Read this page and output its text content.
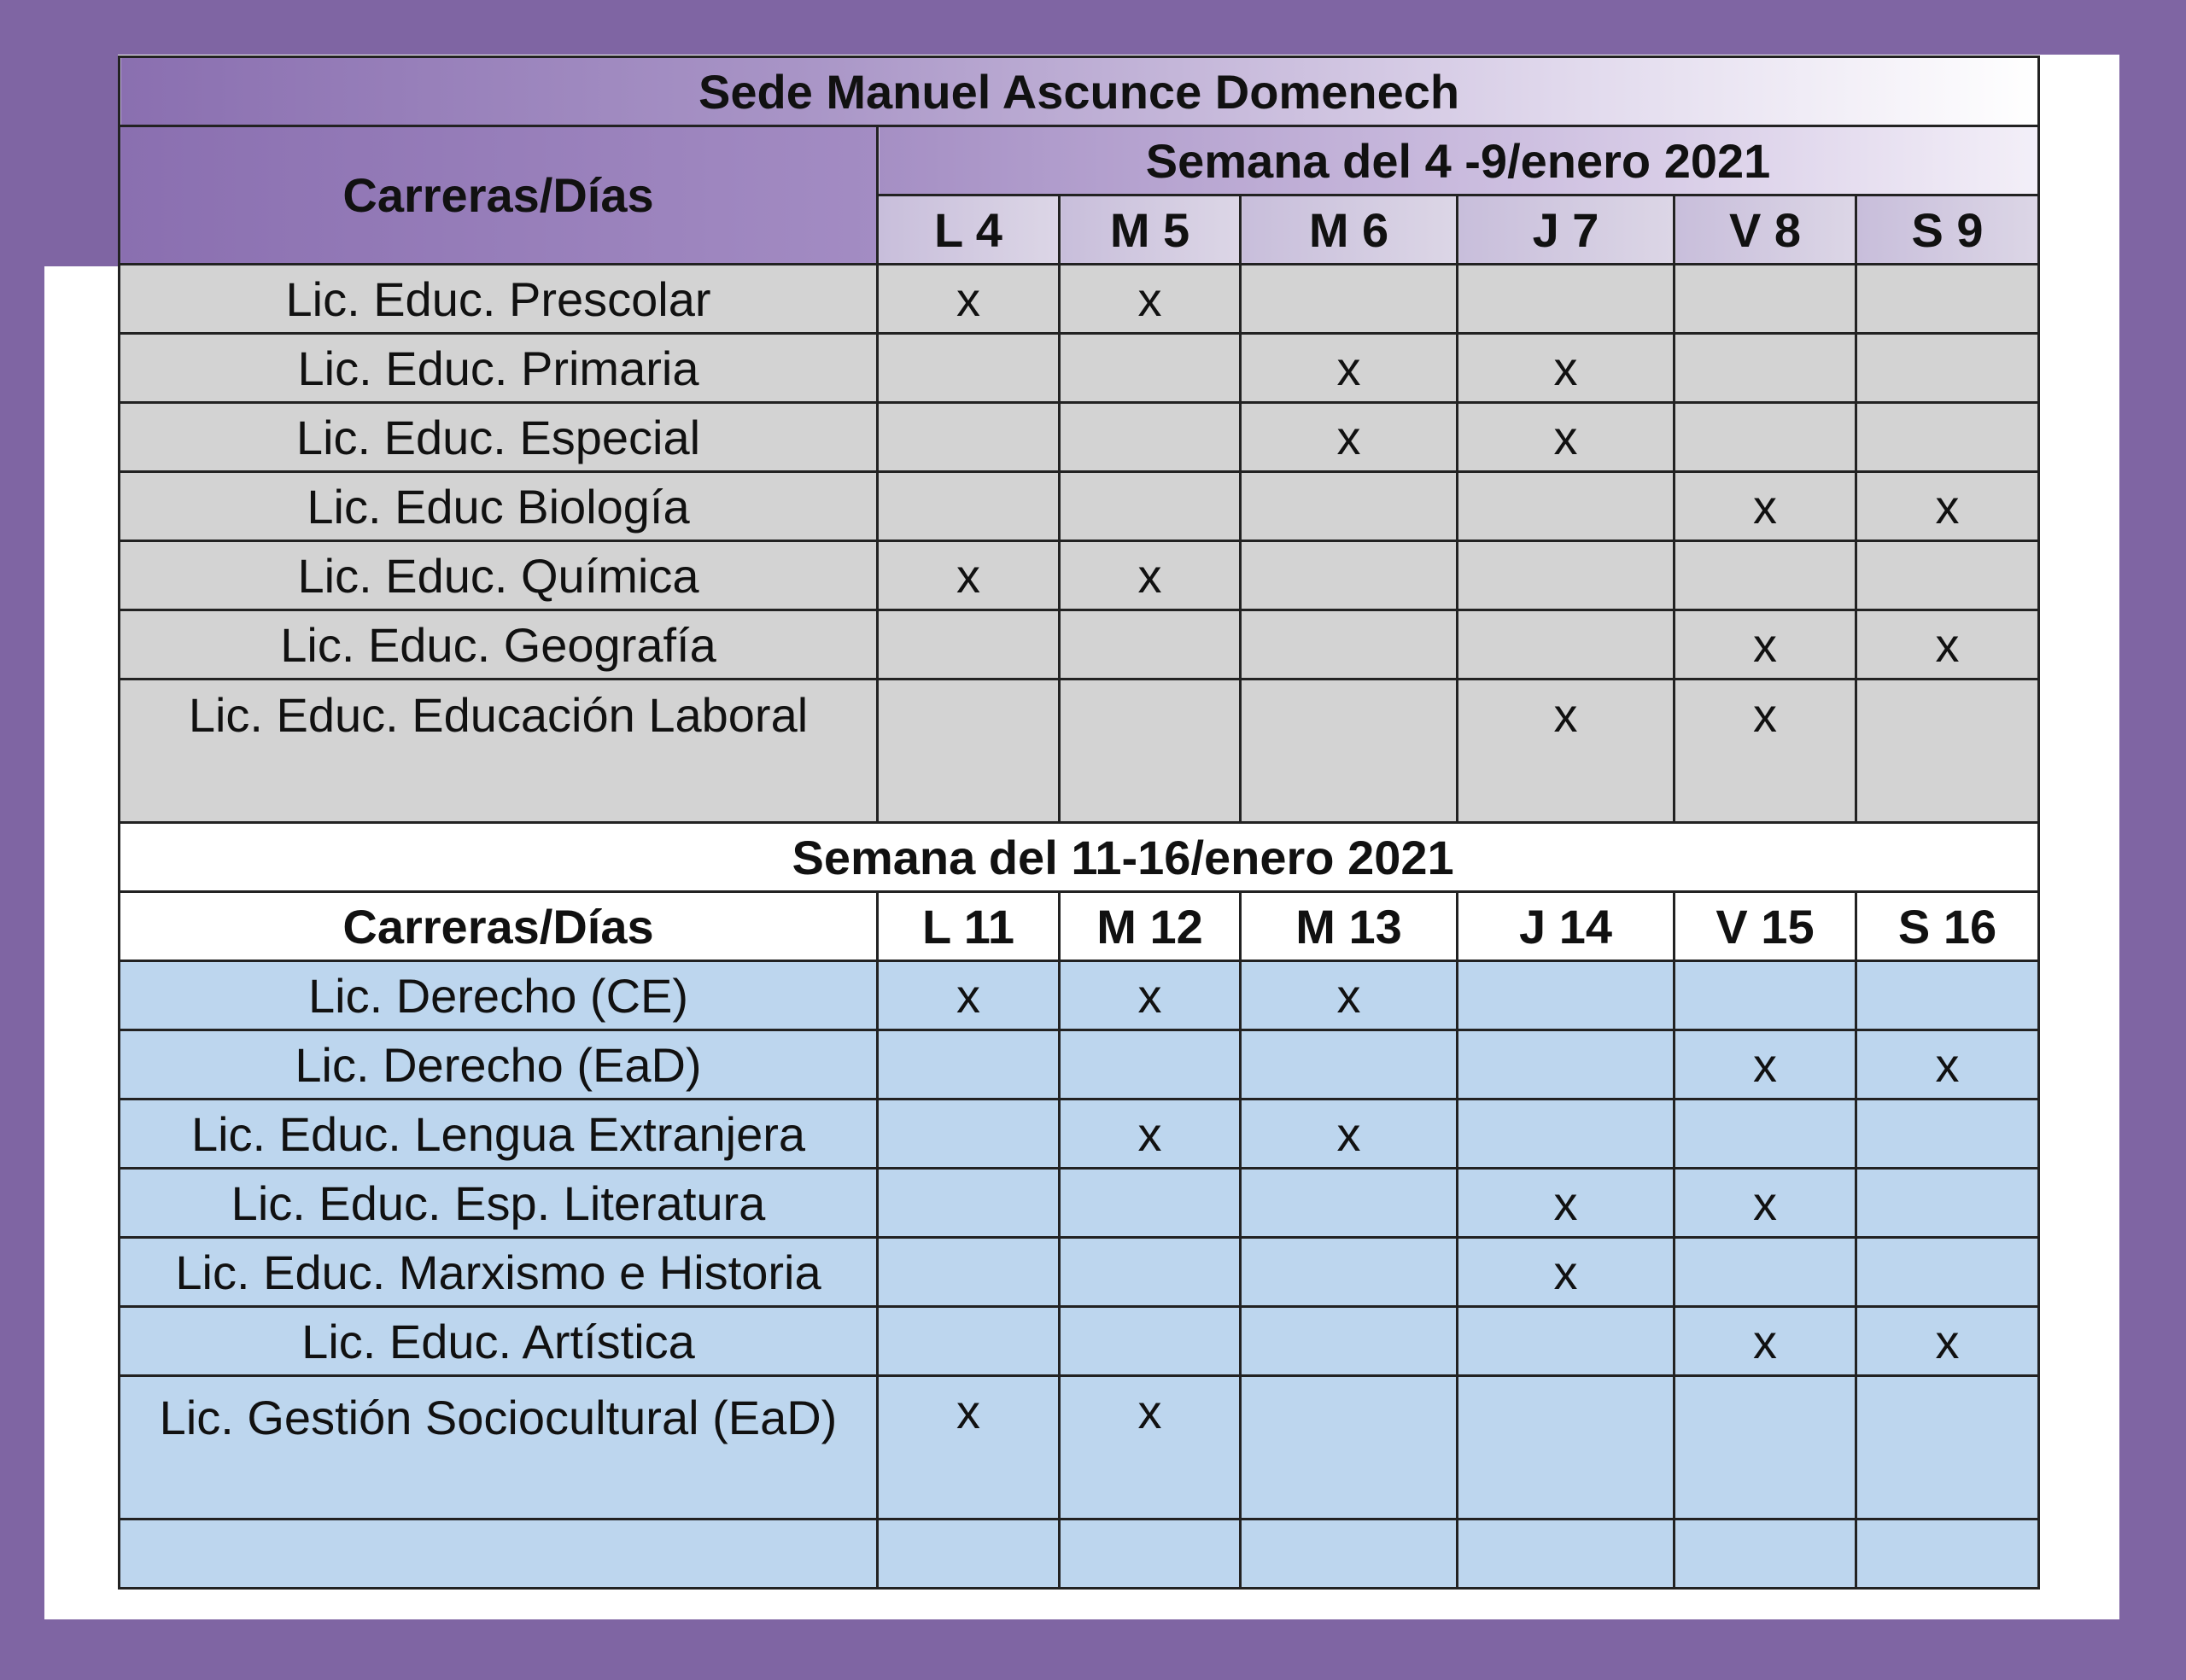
Sede Manuel Ascunce Domenech						
Carreras/Días	Semana del 4 -9/enero 2021					
	L 4	M 5	M 6	J 7	V 8	S 9
Lic. Educ. Prescolar	x	x				
Lic. Educ. Primaria			x	x		
Lic. Educ. Especial			x	x		
Lic. Educ Biología					x	x
Lic. Educ. Química	x	x				
Lic. Educ. Geografía					x	x
Lic. Educ. Educación Laboral				x	x	
	Semana del 11-16/enero 2021					
Carreras/Días	L 11	M 12	M 13	J 14	V 15	S 16
Lic. Derecho (CE)	x	x	x			
Lic. Derecho (EaD)					x	x
Lic. Educ. Lengua Extranjera		x	x			
Lic. Educ. Esp. Literatura				x	x	
Lic. Educ. Marxismo e Historia				x		
Lic. Educ. Artística					x	x
Lic. Gestión Sociocultural (EaD)	x	x				
